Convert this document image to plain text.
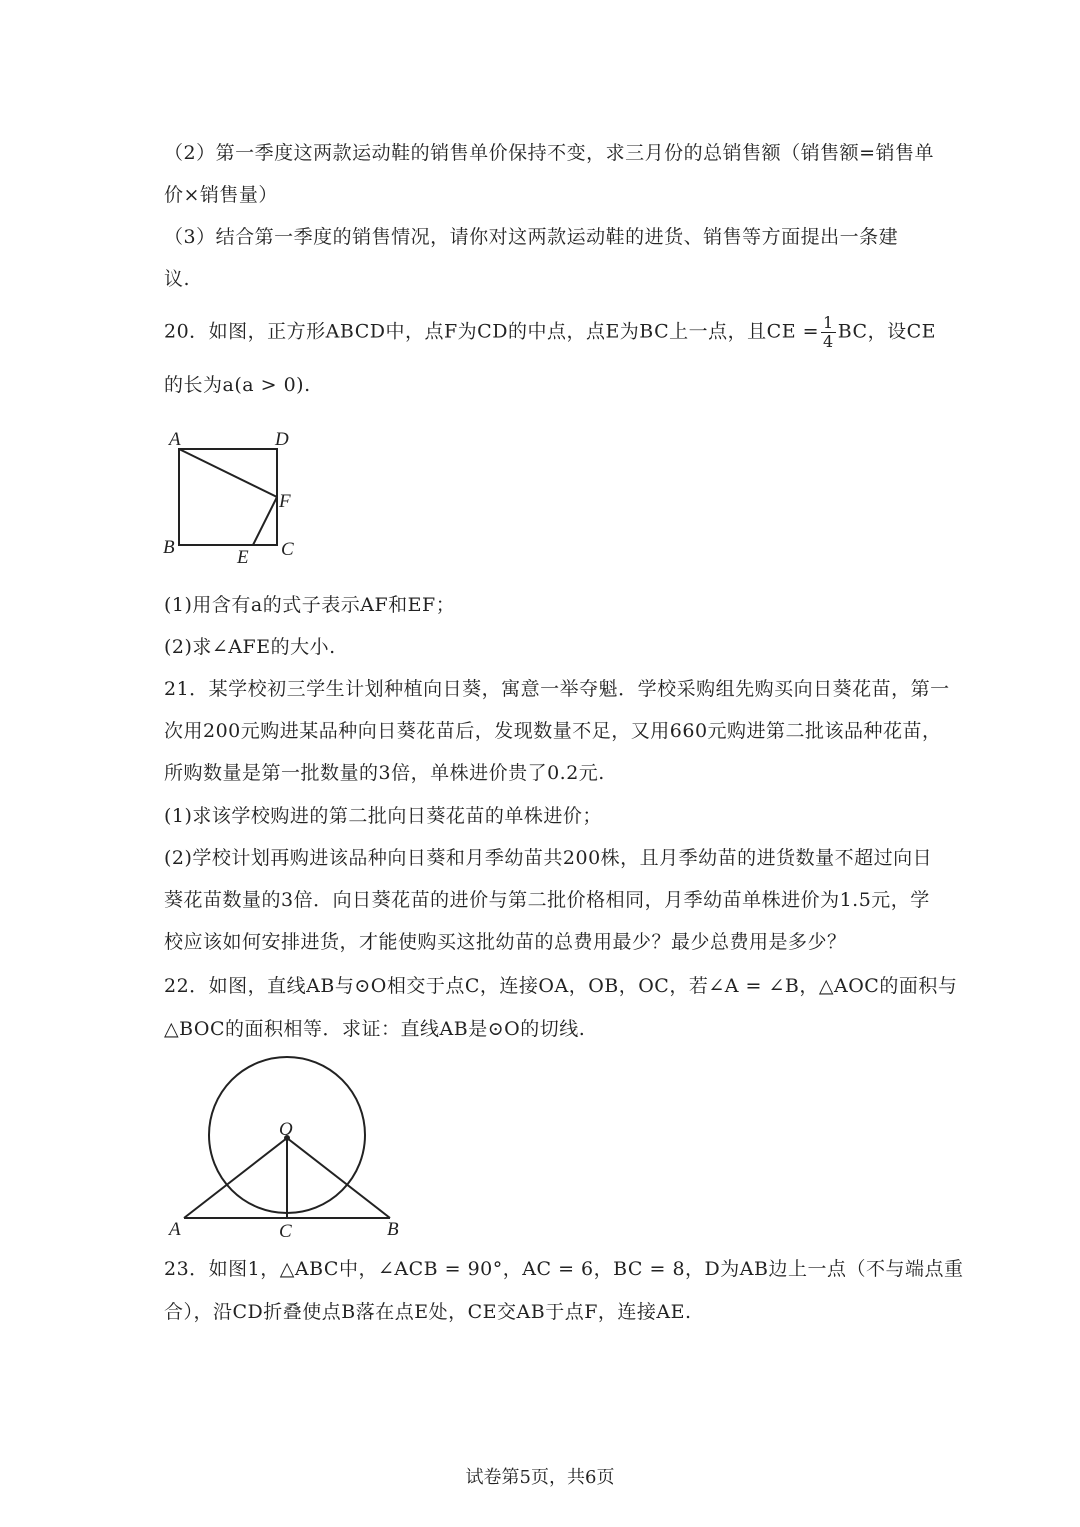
（2）第一季度这两款运动鞋的销售单价保持不变，求三月份的总销售额（销售额=销售单
价×销售量）
（3）结合第一季度的销售情况，请你对这两款运动鞋的进货、销售等方面提出一条建
议.
20．如图，正方形ABCD中，点F为CD的中点，点E为BC上一点，且CE = $\frac{1}{4}$ BC，设CE
的长为a(a > 0).
A	D
F
B	E C
(1)用含有a的式子表示AF和EF；
(2)求∠AFE的大小.
21．某学校初三学生计划种植向日葵，寓意一举夺魁．学校采购组先购买向日葵花苗，第一
次用200元购进某品种向日葵花苗后，发现数量不足，又用660元购进第二批该品种花苗，
所购数量是第一批数量的3倍，单株进价贵了0.2元.
(1)求该学校购进的第二批向日葵花苗的单株进价；
(2)学校计划再购进该品种向日葵和月季幼苗共200株，且月季幼苗的进货数量不超过向日
葵花苗数量的3倍．向日葵花苗的进价与第二批价格相同，月季幼苗单株进价为1.5元，学
校应该如何安排进货，才能使购买这批幼苗的总费用最少？最少总费用是多少？
22．如图，直线AB与⊙O相交于点C，连接OA，OB，OC，若∠A = ∠B，△AOC的面积与
△BOC的面积相等．求证：直线AB是⊙O的切线.
O
A	C	B
23．如图1，△ABC中，∠ACB = 90°，AC = 6，BC = 8，D为AB边上一点（不与端点重
合），沿CD折叠使点B落在点E处，CE交AB于点F，连接AE.
试卷第5页，共6页
